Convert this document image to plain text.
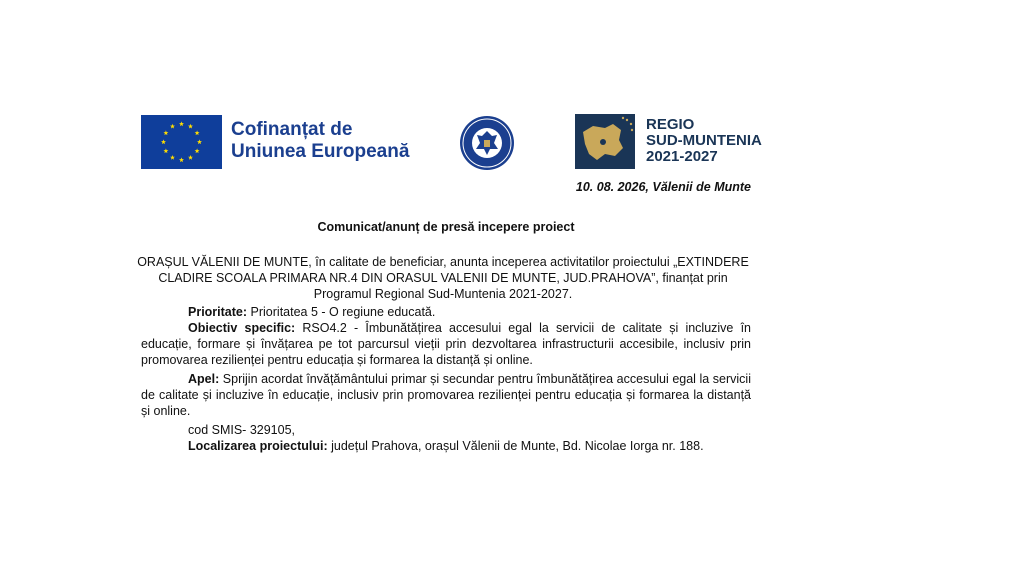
Cofinanțat de
Uniunea Europeană
REGIO
SUD-MUNTENIA
2021-2027
10. 08. 2026, Vălenii de Munte
Comunicat/anunț de presă incepere proiect
ORAȘUL VĂLENII DE MUNTE, în calitate de beneficiar, anunta inceperea activitatilor proiectului „EXTINDERE CLADIRE SCOALA PRIMARA NR.4 DIN ORASUL VALENII DE MUNTE, JUD.PRAHOVA”, finanțat prin Programul Regional Sud-Muntenia 2021-2027.
Prioritate: Prioritatea 5 - O regiune educată.
Obiectiv specific: RSO4.2 - Îmbunătățirea accesului egal la servicii de calitate și incluzive în educație, formare și învățarea pe tot parcursul vieții prin dezvoltarea infrastructurii accesibile, inclusiv prin promovarea rezilienței pentru educația și formarea la distanță și online.
Apel: Sprijin acordat învățământului primar și secundar pentru îmbunătățirea accesului egal la servicii de calitate și incluzive în educație, inclusiv prin promovarea rezilienței pentru educația și formarea la distanță și online.
cod SMIS- 329105,
Localizarea proiectului: județul Prahova, orașul Vălenii de Munte, Bd. Nicolae Iorga nr. 188.
